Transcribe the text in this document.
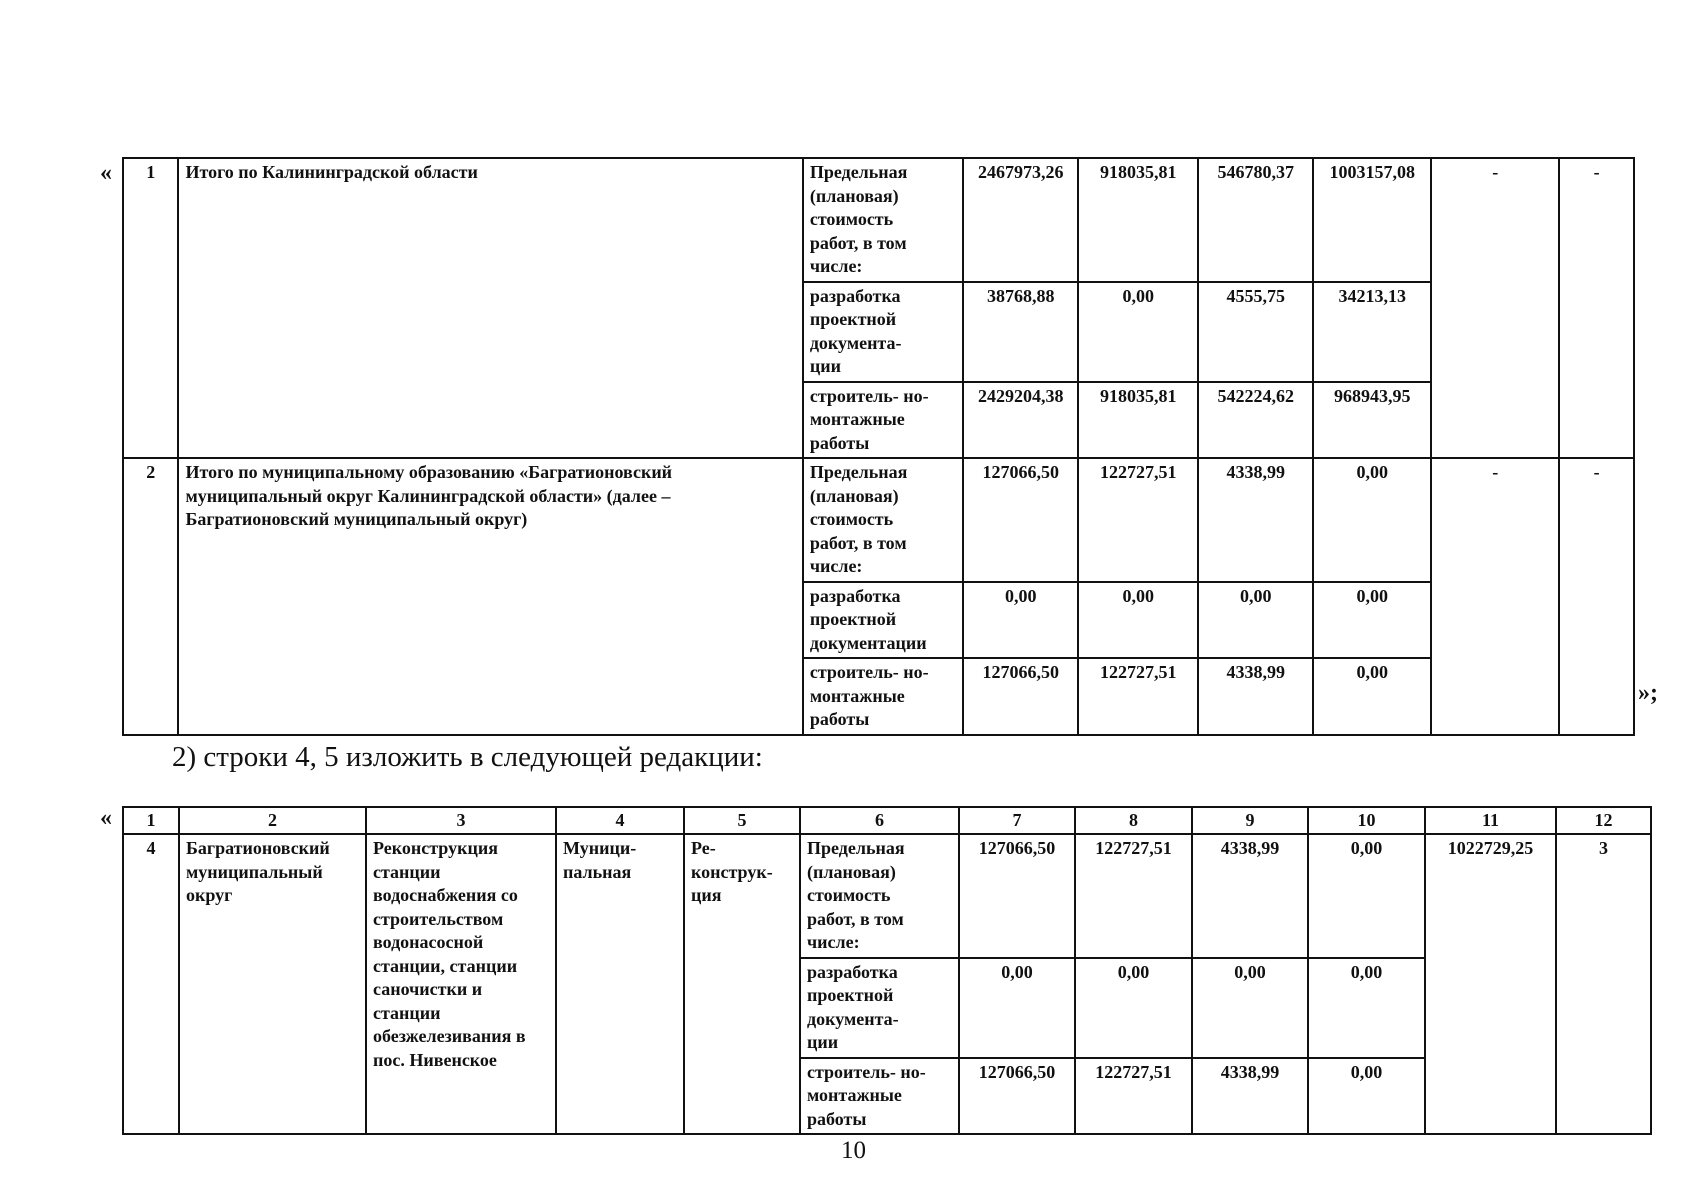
« 1	Итого по Калининградской области	Предельная (плановая) стоимость работ, в том числе:	2467973,26	918035,81	546780,37	1003157,08	-	-
		разработка проектной документа- ции	38768,88	0,00	4555,75	34213,13		
		строитель- но-монтажные работы	2429204,38	918035,81	542224,62	968943,95		
2	Итого по муниципальному образованию «Багратионовский муниципальный округ Калининградской области» (далее – Багратионовский муниципальный округ)	Предельная (плановая) стоимость работ, в том числе:	127066,50	122727,51	4338,99	0,00	-	-
		разработка проектной документации	0,00	0,00	0,00	0,00		
		строитель- но-монтажные работы	127066,50	122727,51	4338,99	0,00		
»;
2) строки 4, 5 изложить в следующей редакции:
« 1	2	3	4	5	6	7	8	9	10	11	12
4	Багратионовский муниципальный округ	Реконструкция станции водоснабжения со строительством водонасосной станции, станции саночистки и станции обезжелезивания в пос. Нивенское	Муници- пальная	Ре- конструк- ция	Предельная (плановая) стоимость работ, в том числе:	127066,50	122727,51	4338,99	0,00	1022729,25	3
					разработка проектной документа- ции	0,00	0,00	0,00	0,00		
					строитель- но-монтажные работы	127066,50	122727,51	4338,99	0,00		
10
